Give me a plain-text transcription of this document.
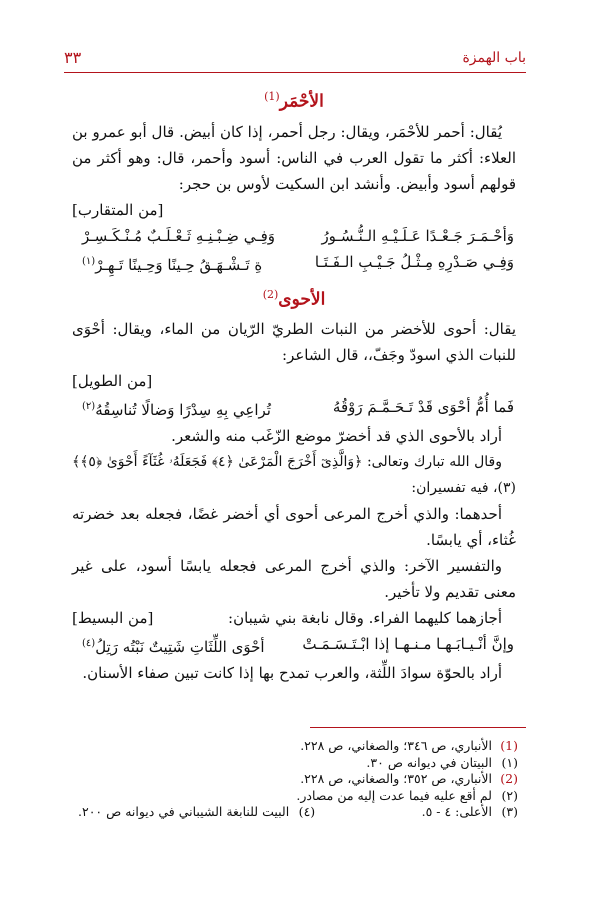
باب الهمزة
٣٣
الأحْمَر$^{(1)}$

يُقال: أحمر للأحْمَر، ويقال: رجل أحمر، إذا كان أبيض. قال أبو عمرو بن العلاء: أكثر ما تقول العرب في الناس: أسود وأحمر، قال: وهو أكثر من قولهم أسود وأبيض. وأنشد ابن السكيت لأوس بن حجر:

[من المتقارب]
وَأحْـمَـرَ جَـعْـدًا عَـلَـيْـهِ الـنُّـسُـورُ
وَفِـي ضِـبْـنِـهِ ثَـعْـلَـبٌ مُـنْـكَـسِـرْ
وَفِـي صَـدْرِهِ مِـثْـلُ جَـيْـبِ الـفَـتَـا
ةِ تَـشْـهَـقُ حِـينًا وَحِـينًا تَـهِـرْ$^{(١)}$
الأحوى$^{(2)}$

يقال: أحوى للأخضر من النبات الطريّ الرّيان من الماء، ويقال: أحْوَى للنبات الذي اسودّ وجَفّ،، قال الشاعر:

[من الطويل]
فَما أُمُّ أحْوَى قَدْ تَـحَـمَّـمَ رَوْقُهُ
تُراعِي بِهِ سِدْرًا وَضالًا تُناسِقُهُ$^{(٢)}$

أراد بالأحوى الذي قد أخضرّ موضع الزّغَب منه والشعر.

وقال الله تبارك وتعالى: ﴿وَالَّذِىٓ أَخْرَجَ الْمَرْعَىٰ ﴿٤﴾ فَجَعَلَهُۥ غُثَآءً أَحْوَىٰ ﴿٥﴾﴾(٣)، فيه تفسيران:

أحدهما: والذي أخرج المرعى أحوى أي أخضر غضًا، فجعله بعد خضرته غُثاء، أي يابسًا.

والتفسير الآخر: والذي أخرج المرعى فجعله يابسًا أسود، على غير معنى تقديم ولا تأخير.

أجازهما كليهما الفراء. وقال نابغة بني شيبان:
[من البسيط]
وإنَّ أنْـيـابَـهـا مـنـهـا إذا ابْـتَـسَـمَـتْ
أحْوَى اللِّثَاتِ شَتِيتٌ نَبْتُه رَتِلُ$^{(٤)}$

أراد بالحوّة سوادَ اللِّثة، والعرب تمدح بها إذا كانت تبين صفاء الأسنان.

(1)
الأنباري، ص ٣٤٦؛ والصغاني، ص ٢٢٨.
(١)
البيتان في ديوانه ص ٣٠.
(2)
الأنباري، ص ٣٥٢؛ والصغاني، ص ٢٢٨.
(٢)
لم أقع عليه فيما عدت إليه من مصادر.
(٣)
الأعلى: ٤ - ٥.
(٤)
البيت للنابغة الشيباني في ديوانه ص ٢٠٠.
